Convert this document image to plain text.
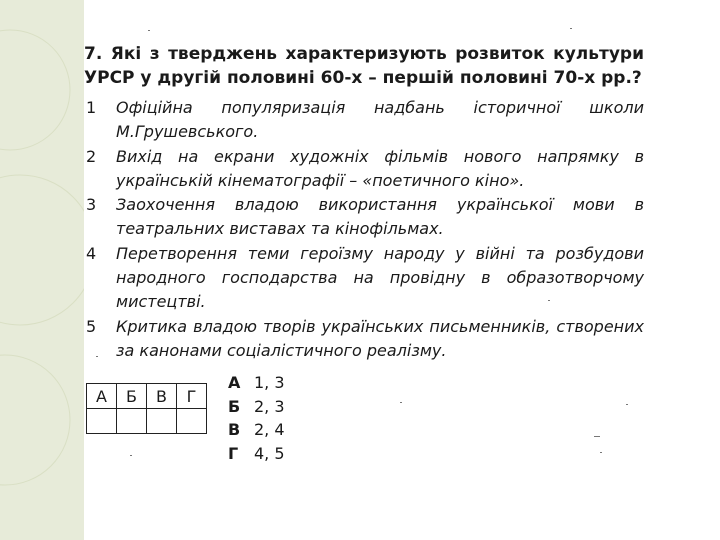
7. Які з тверджень характеризують розвиток культури УРСР у другій половині 60-х – першій половині 70-х рр.?
1	Офіційна популяризація надбань історичної школи М.Грушевського.
2	Вихід на екрани художніх фільмів нового напрямку в українській кінематографії – «поетичного кіно».
3	Заохочення владою використання української мови в театральних виставах та кінофільмах.
4	Перетворення теми героїзму народу у війні та розбудови народного господарства на провідну в образотворчому мистецтві.
5	Критика владою творів українських письменників, створених за канонами соціалістичного реалізму.
А	Б	В	Г

А 1, 3
Б 2, 3
В 2, 4
Г 4, 5
